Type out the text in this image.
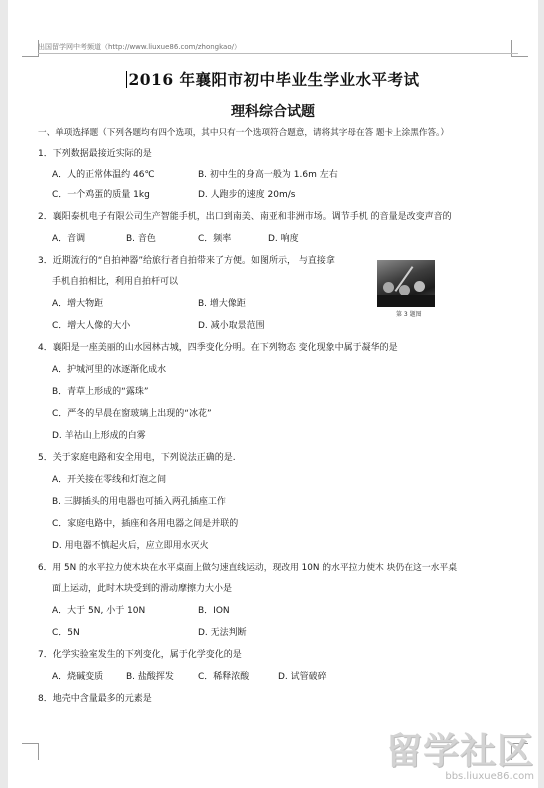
出国留学网中考频道（http://www.liuxue86.com/zhongkao/）
2016 年襄阳市初中毕业生学业水平考试
理科综合试题
一、单项选择题（下列各题均有四个选项，其中只有一个选项符合题意，请将其字母在答 题卡上涂黑作答。）
1．下列数据最接近实际的是
A．人的正常体温约 46℃	B. 初中生的身高一般为 1.6m 左右
C．一个鸡蛋的质量 1kg	D. 人跑步的速度 20m/s
2．襄阳泰机电子有限公司生产智能手机，出口到南美、南亚和非洲市场。调节手机 的音量是改变声音的
A．音调	B. 音色	C．频率	D. 响度
3．近期流行的“自拍神器”给旅行者自拍带来了方便。如图所示， 与直接拿
手机自拍相比，利用自拍杆可以
A．增大物距	B. 增大像距
C．增大人像的大小	D. 减小取景范围
第 3 题图
4．襄阳是一座美丽的山水园林古城，四季变化分明。在下列物态 变化现象中属于凝华的是
A．护城河里的冰逐渐化成水
B．青草上形成的“露珠”
C．严冬的早晨在窗玻璃上出现的“冰花”
D. 羊祜山上形成的白雾
5．关于家庭电路和安全用电，下列说法正确的是.
A．开关接在零线和灯泡之间
B. 三脚插头的用电器也可插入两孔插座工作
C．家庭电路中，插座和各用电器之间是并联的
D. 用电器不慎起火后，应立即用水灭火
6．用 5N 的水平拉力使木块在水平桌面上做匀速直线运动，现改用 10N 的水平拉力使木 块仍在这一水平桌
面上运动，此时木块受到的滑动摩擦力大小是
A．大于 5N, 小于 10N	B．ION
C．5N	D. 无法判断
7．化学实验室发生的下列变化，属于化学变化的是
A．烧碱变质	B. 盐酸挥发	C．稀释浓酸	D. 试管破碎
8．地壳中含量最多的元素是
留学社区
bbs.liuxue86.com
